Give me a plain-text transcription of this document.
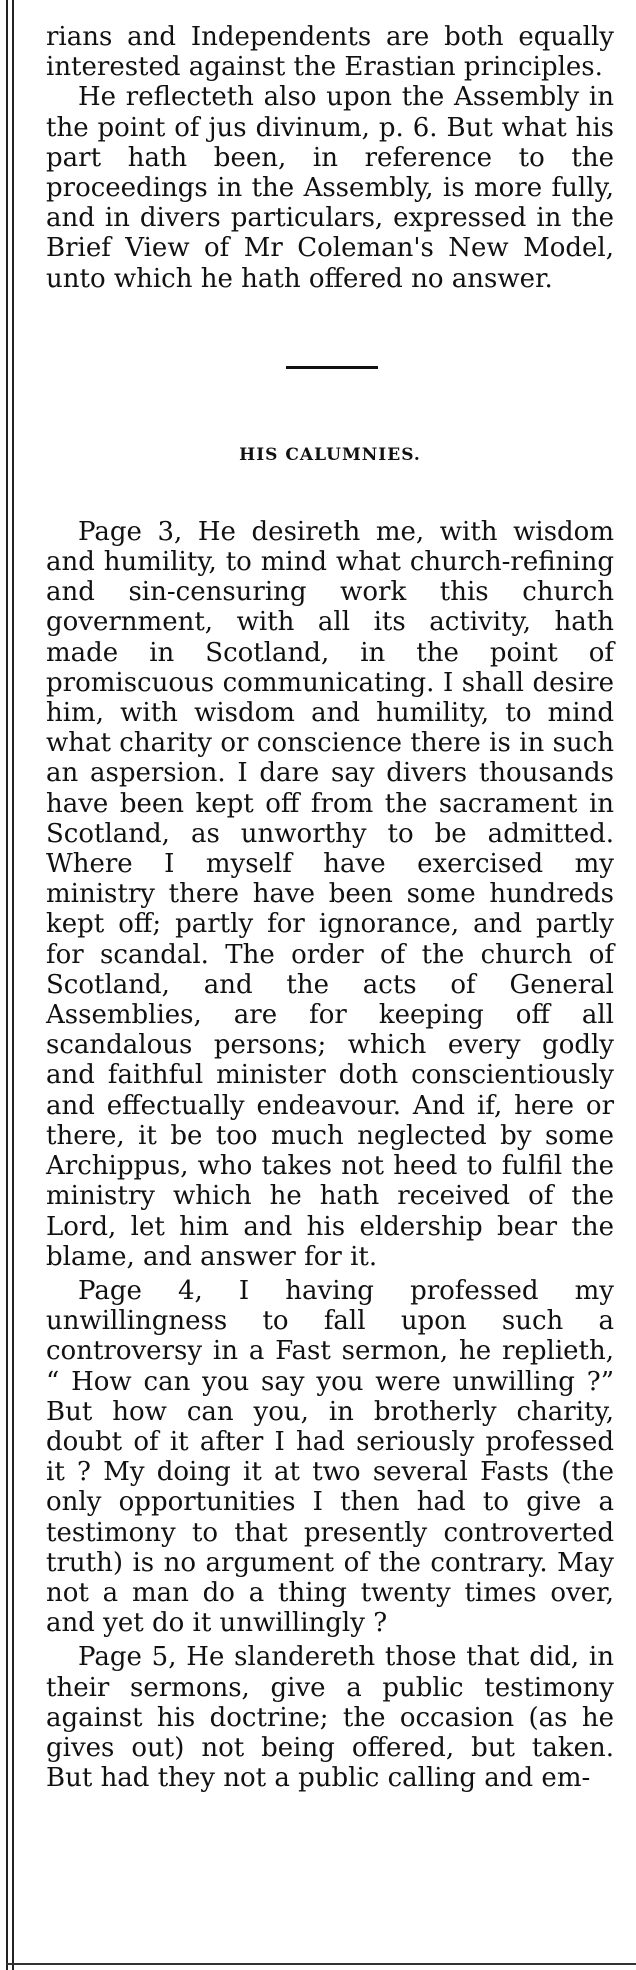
rians and Independents are both equally interested against the Erastian principles.

He reflecteth also upon the Assembly in the point of jus divinum, p. 6. But what his part hath been, in reference to the proceedings in the Assembly, is more fully, and in divers particulars, expressed in the Brief View of Mr Coleman's New Model, unto which he hath offered no answer.

HIS CALUMNIES.

Page 3, He desireth me, with wisdom and humility, to mind what church-refining and sin-censuring work this church government, with all its activity, hath made in Scotland, in the point of promiscuous communicating. I shall desire him, with wisdom and humility, to mind what charity or conscience there is in such an aspersion. I dare say divers thousands have been kept off from the sacrament in Scotland, as unworthy to be admitted. Where I myself have exercised my ministry there have been some hundreds kept off; partly for ignorance, and partly for scandal. The order of the church of Scotland, and the acts of General Assemblies, are for keeping off all scandalous persons; which every godly and faithful minister doth conscientiously and effectually endeavour. And if, here or there, it be too much neglected by some Archippus, who takes not heed to fulfil the ministry which he hath received of the Lord, let him and his eldership bear the blame, and answer for it.

Page 4, I having professed my unwillingness to fall upon such a controversy in a Fast sermon, he replieth, “ How can you say you were unwilling ?” But how can you, in brotherly charity, doubt of it after I had seriously professed it ? My doing it at two several Fasts (the only opportunities I then had to give a testimony to that presently controverted truth) is no argument of the contrary. May not a man do a thing twenty times over, and yet do it unwillingly ?

Page 5, He slandereth those that did, in their sermons, give a public testimony against his doctrine; the occasion (as he gives out) not being offered, but taken. But had they not a public calling and em-
